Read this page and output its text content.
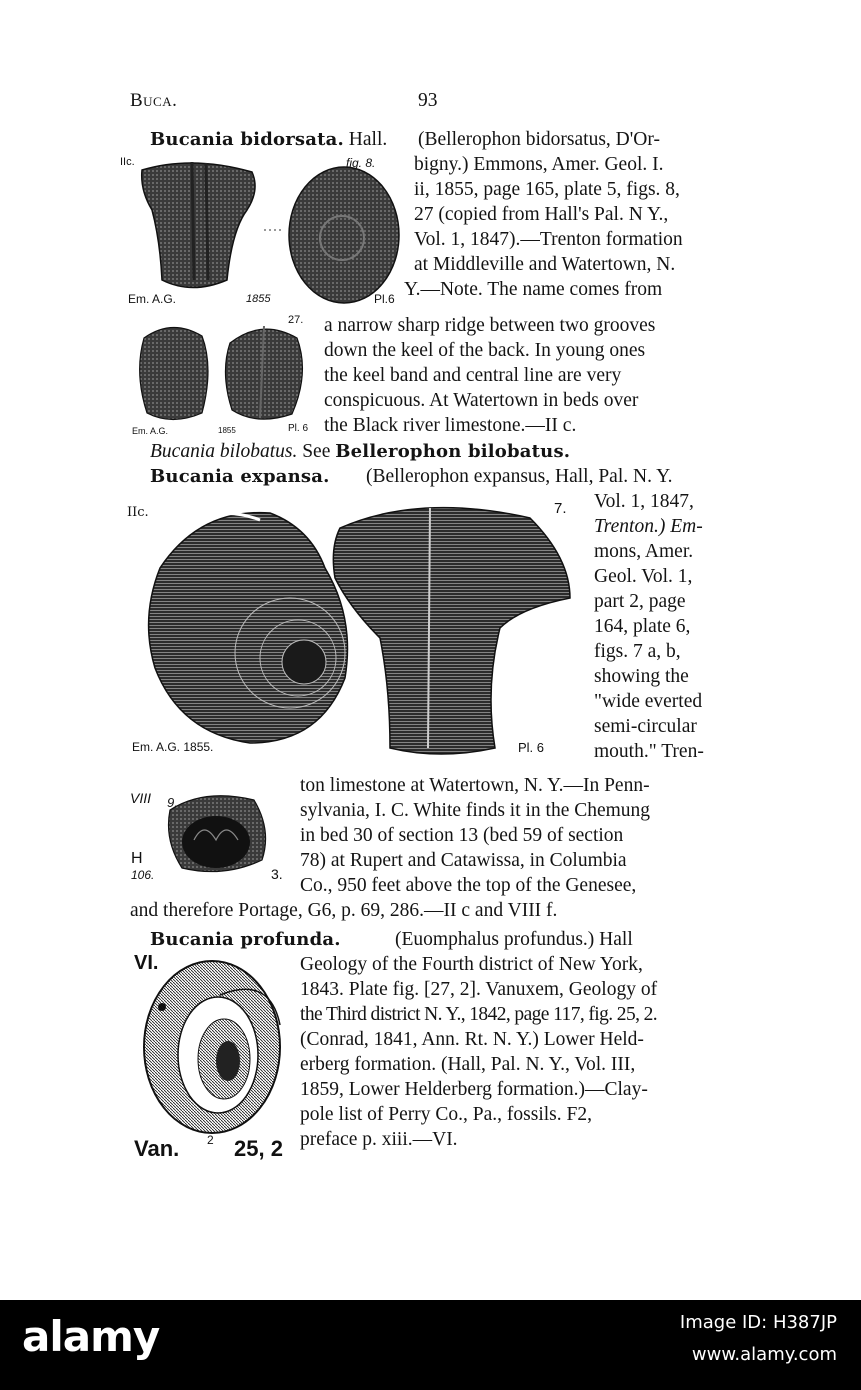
Buca.	93
Bucania bidorsata. Hall. (Bellerophon bidorsatus, D'Or-
bigny.) Emmons, Amer. Geol. I.
ii, 1855, page 165, plate 5, figs. 8,
27 (copied from Hall's Pal. N Y.,
Vol. 1, 1847).—Trenton formation
at Middleville and Watertown, N.
Y.—Note. The name comes from
a narrow sharp ridge between two grooves
down the keel of the back. In young ones
the keel band and central line are very
conspicuous. At Watertown in beds over
the Black river limestone.—II c.
IIc.	fig. 8.
Em. A.G.	1855	Pl.6
27.
Em. A.G.	1855	Pl. 6
Bucania bilobatus. See Bellerophon bilobatus.
Bucania expansa. (Bellerophon expansus, Hall, Pal. N. Y.
Vol. 1, 1847,
Trenton.) Em-
mons, Amer.
Geol. Vol. 1,
part 2, page
164, plate 6,
figs. 7 a, b,
showing the
"wide everted
semi-circular
mouth." Tren-
ton limestone at Watertown, N. Y.—In Penn-
sylvania, I. C. White finds it in the Chemung
in bed 30 of section 13 (bed 59 of section
78) at Rupert and Catawissa, in Columbia
Co., 950 feet above the top of the Genesee,
and therefore Portage, G6, p. 69, 286.—II c and VIII f.
IIc.	7.
Em. A.G. 1855.	Pl. 6
VIII 9.
H
106.	3.
Bucania profunda.	(Euomphalus profundus.) Hall
Geology of the Fourth district of New York,
1843. Plate fig. [27, 2]. Vanuxem, Geology of
the Third district N. Y., 1842, page 117, fig. 25, 2.
(Conrad, 1841, Ann. Rt. N. Y.) Lower Held-
erberg formation. (Hall, Pal. N. Y., Vol. III,
1859, Lower Helderberg formation.)—Clay-
pole list of Perry Co., Pa., fossils. F2,
preface p. xiii.—VI.
VI.
Van. 2 25, 2
alamy	Image ID: H387JP
www.alamy.com
